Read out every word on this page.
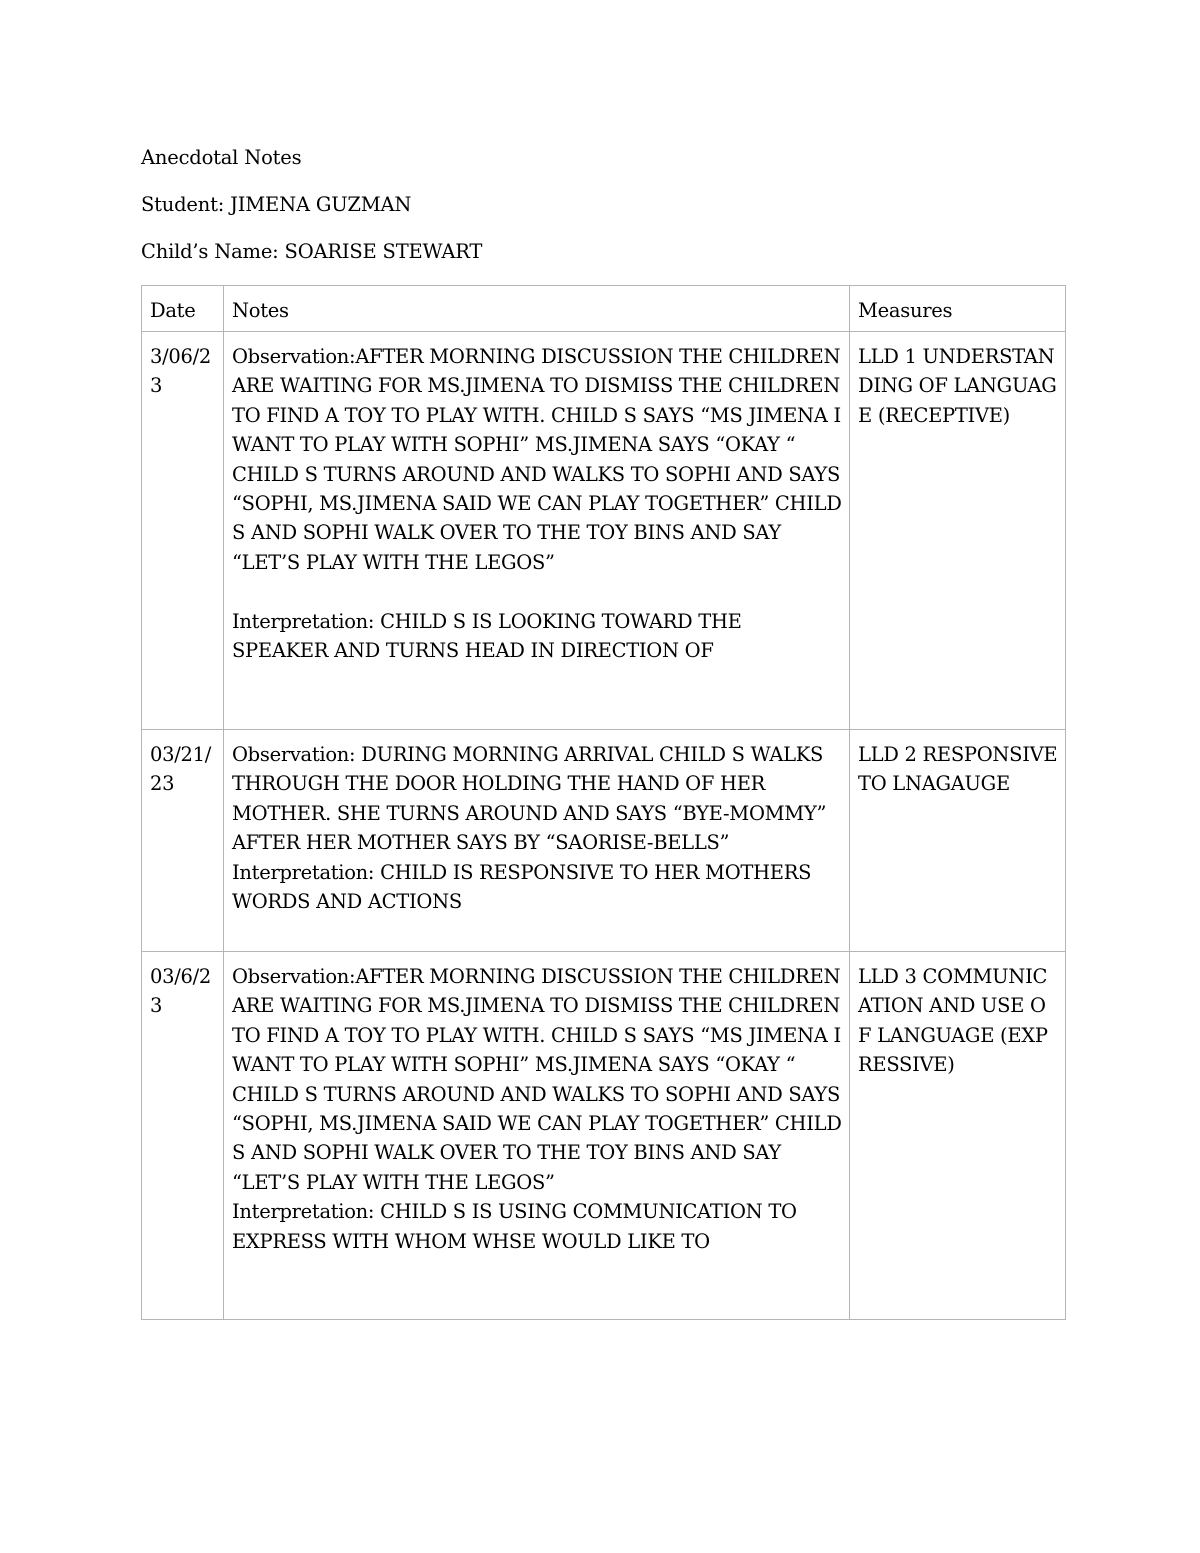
Anecdotal Notes
Student: JIMENA GUZMAN
Child’s Name: SOARISE STEWART
Date	Notes	Measures
3/06/23	Observation:AFTER MORNING DISCUSSION THE CHILDREN ARE WAITING FOR MS.JIMENA TO DISMISS THE CHILDREN TO FIND A TOY TO PLAY WITH. CHILD S SAYS “MS JIMENA I WANT TO PLAY WITH SOPHI” MS.JIMENA SAYS “OKAY “ CHILD S TURNS AROUND AND WALKS TO SOPHI AND SAYS “SOPHI, MS.JIMENA SAID WE CAN PLAY TOGETHER” CHILD S AND SOPHI WALK OVER TO THE TOY BINS AND SAY “LET’S PLAY WITH THE LEGOS”
Interpretation: CHILD S IS LOOKING TOWARD THE SPEAKER AND TURNS HEAD IN DIRECTION OF	LLD 1 UNDERSTANDING OF LANGUAGE (RECEPTIVE)
03/21/23	Observation: DURING MORNING ARRIVAL CHILD S WALKS THROUGH THE DOOR HOLDING THE HAND OF HER MOTHER. SHE TURNS AROUND AND SAYS “BYE-MOMMY” AFTER HER MOTHER SAYS BY “SAORISE-BELLS”
Interpretation: CHILD IS RESPONSIVE TO HER MOTHERS WORDS AND ACTIONS	LLD 2 RESPONSIVE TO LNAGAUGE
03/6/23	Observation:AFTER MORNING DISCUSSION THE CHILDREN ARE WAITING FOR MS.JIMENA TO DISMISS THE CHILDREN TO FIND A TOY TO PLAY WITH. CHILD S SAYS “MS JIMENA I WANT TO PLAY WITH SOPHI” MS.JIMENA SAYS “OKAY “ CHILD S TURNS AROUND AND WALKS TO SOPHI AND SAYS “SOPHI, MS.JIMENA SAID WE CAN PLAY TOGETHER” CHILD S AND SOPHI WALK OVER TO THE TOY BINS AND SAY “LET’S PLAY WITH THE LEGOS”
Interpretation: CHILD S IS USING COMMUNICATION TO EXPRESS WITH WHOM WHSE WOULD LIKE TO	LLD 3 COMMUNICATION AND USE OF LANGUAGE (EXPRESSIVE)
